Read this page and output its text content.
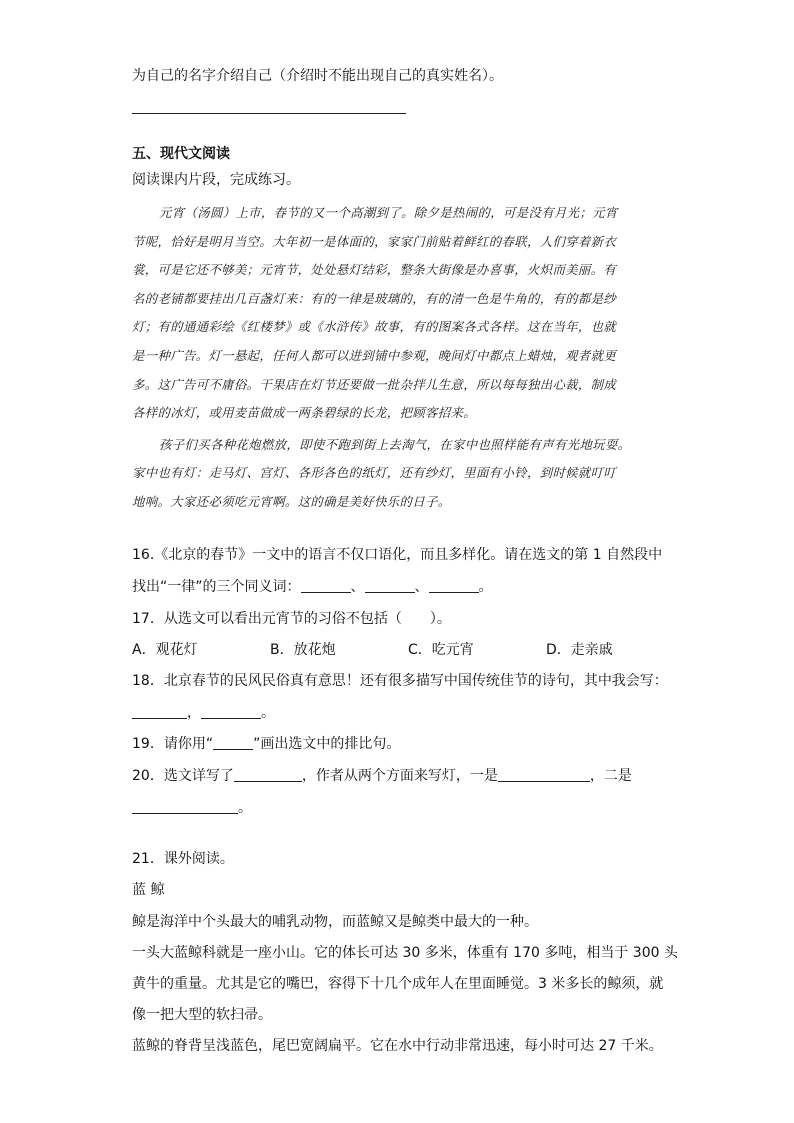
为自己的名字介绍自己（介绍时不能出现自己的真实姓名）。
五、现代文阅读
阅读课内片段，完成练习。
元宵（汤圆）上市，春节的又一个高潮到了。除夕是热闹的，可是没有月光；元宵
节呢，恰好是明月当空。大年初一是体面的，家家门前贴着鲜红的春联，人们穿着新衣
裳，可是它还不够美；元宵节，处处悬灯结彩，整条大街像是办喜事，火炽而美丽。有
名的老铺都要挂出几百盏灯来：有的一律是玻璃的，有的清一色是牛角的，有的都是纱
灯；有的通通彩绘《红楼梦》或《水浒传》故事，有的图案各式各样。这在当年，也就
是一种广告。灯一悬起，任何人都可以进到铺中参观，晚间灯中都点上蜡烛，观者就更
多。这广告可不庸俗。干果店在灯节还要做一批杂拌儿生意，所以每每独出心裁，制成
各样的冰灯，或用麦苗做成一两条碧绿的长龙，把顾客招来。
孩子们买各种花炮燃放，即使不跑到街上去淘气，在家中也照样能有声有光地玩耍。
家中也有灯：走马灯、宫灯、各形各色的纸灯，还有纱灯，里面有小铃，到时候就叮叮
地响。大家还必须吃元宵啊。这的确是美好快乐的日子。
16.《北京的春节》一文中的语言不仅口语化，而且多样化。请在选文的第 1 自然段中
找出“一律”的三个同义词：	、	、	。
17．从选文可以看出元宵节的习俗不包括（　　）。
A．观花灯	B．放花炮	C．吃元宵	D．走亲戚
18．北京春节的民风民俗真有意思！还有很多描写中国传统佳节的诗句，其中我会写：
，	。
19．请你用“	”画出选文中的排比句。
20．选文详写了	，作者从两个方面来写灯，一是	，二是
。
21．课外阅读。
蓝 鲸
鲸是海洋中个头最大的哺乳动物，而蓝鲸又是鲸类中最大的一种。
一头大蓝鲸科就是一座小山。它的体长可达 30 多米，体重有 170 多吨，相当于 300 头
黄牛的重量。尤其是它的嘴巴，容得下十几个成年人在里面睡觉。3 米多长的鲸须，就
像一把大型的软扫帚。
蓝鲸的脊背呈浅蓝色，尾巴宽阔扁平。它在水中行动非常迅速，每小时可达 27 千米。
